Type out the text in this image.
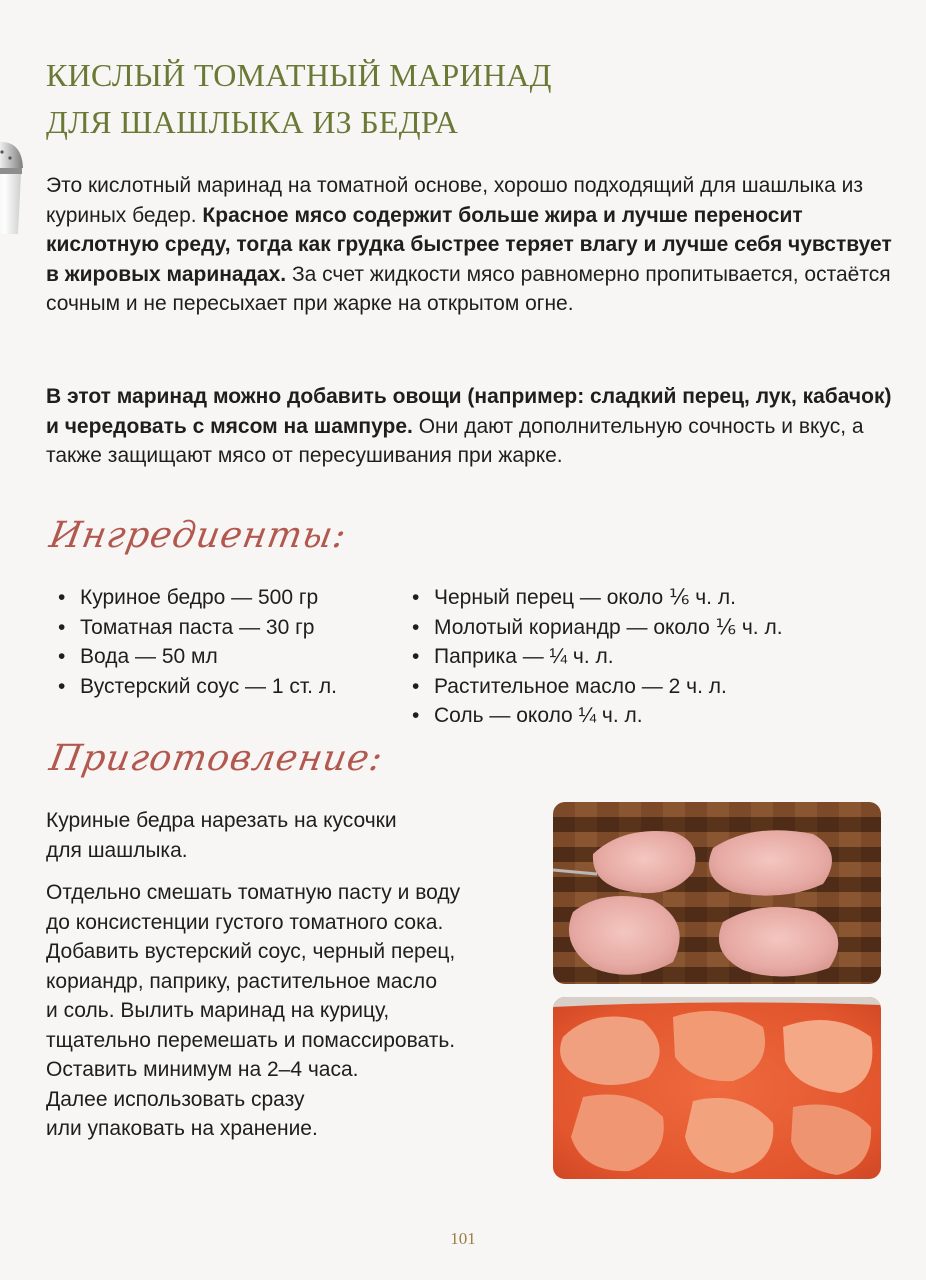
КИСЛЫЙ ТОМАТНЫЙ МАРИНАД
ДЛЯ ШАШЛЫКА ИЗ БЕДРА

Это кислотный маринад на томатной основе, хорошо подходящий для шашлыка из куриных бедер. Красное мясо содержит больше жира и лучше переносит кислотную среду, тогда как грудка быстрее теряет влагу и лучше себя чувствует в жировых маринадах. За счет жидкости мясо равномерно пропитывается, остаётся сочным и не пересыхает при жарке на открытом огне.

В этот маринад можно добавить овощи (например: сладкий перец, лук, кабачок) и чередовать с мясом на шампуре. Они дают дополнительную сочность и вкус, а также защищают мясо от пересушивания при жарке.

Ингредиенты:
• Куриное бедро — 500 гр
• Томатная паста — 30 гр
• Вода — 50 мл
• Вустерский соус — 1 ст. л.
• Черный перец — около ⅙ ч. л.
• Молотый кориандр — около ⅙ ч. л.
• Паприка — ¼ ч. л.
• Растительное масло — 2 ч. л.
• Соль — около ¼ ч. л.
Приготовление:

Куриные бедра нарезать на кусочки
для шашлыка.

Отдельно смешать томатную пасту и воду
до консистенции густого томатного сока.
Добавить вустерский соус, черный перец,
кориандр, паприку, растительное масло
и соль. Вылить маринад на курицу,
тщательно перемешать и помассировать.
Оставить минимум на 2–4 часа.
Далее использовать сразу
или упаковать на хранение.

101
